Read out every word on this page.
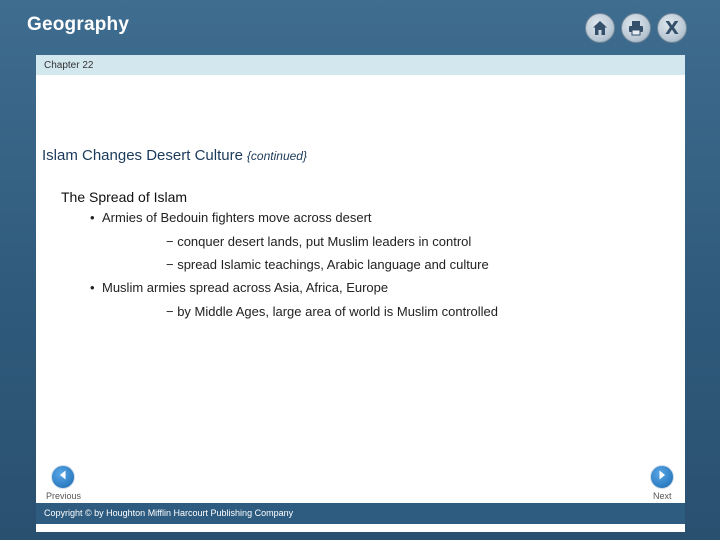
Geography	X
Chapter 22
Islam Changes Desert Culture {continued}
The Spread of Islam
• Armies of Bedouin fighters move across desert
− conquer desert lands, put Muslim leaders in control
− spread Islamic teachings, Arabic language and culture
• Muslim armies spread across Asia, Africa, Europe
− by Middle Ages, large area of world is Muslim controlled
Previous	Next
Copyright © by Houghton Mifflin Harcourt Publishing Company
